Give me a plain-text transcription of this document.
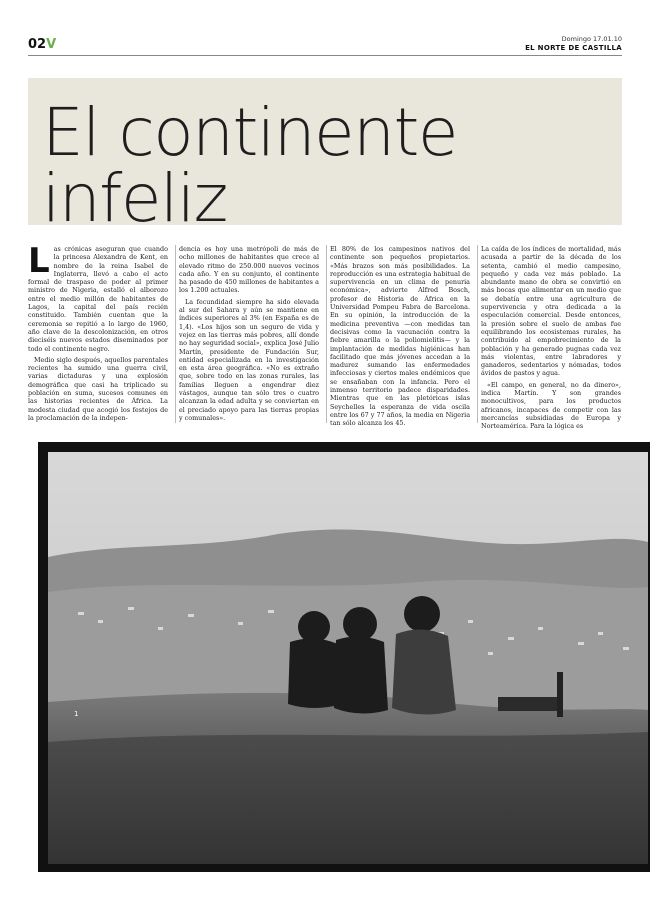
02V	Domingo 17.01.10
EL NORTE DE CASTILLA
El continente infeliz
L as crónicas aseguran que cuando la princesa Alexandra de Kent, en nombre de la reina Isabel de Inglaterra, llevó a cabo el acto formal de traspaso de poder al primer ministro de Nigeria, estalló el alborozo entre el medio millón de habitantes de Lagos, la capital del país recién constituido. También cuentan que la ceremonia se repitió a lo largo de 1960, año clave de la descolonización, en otros dieciséis nuevos estados diseminados por todo el continente negro.

Medio siglo después, aquellos parentales recientes ha sumido una guerra civil, varias dictaduras y una explosión demográfica que casi ha triplicado su población en suma, sucesos comunes en las historias recientes de África. La modesta ciudad que acogió los festejos de la proclamación de la indepen-

dencia es hoy una metrópoli de más de ocho millones de habitantes que crece al elevado ritmo de 250.000 nuevos vecinos cada año. Y en su conjunto, el continente ha pasado de 450 millones de habitantes a los 1.200 actuales.

La fecundidad siempre ha sido elevada al sur del Sahara y aún se mantiene en índices superiores al 3% (en España es de 1,4). «Los hijos son un seguro de vida y vejez en las tierras más pobres, allí donde no hay seguridad social», explica José Julio Martín, presidente de Fundación Sur, entidad especializada en la investigación en esta área geográfica. «No es extraño que, sobre todo en las zonas rurales, las familias lleguen a engendrar diez vástagos, aunque tan sólo tres o cuatro alcanzan la edad adulta y se conviertan en el preciado apoyo para las tierras propias y comunales».

El 80% de los campesinos nativos del continente son pequeños propietarios. «Más brazos son más posibilidades. La reproducción es una estrategia habitual de supervivencia en un clima de penuria económica», advierte Alfred Bosch, profesor de Historia de África en la Universidad Pompeu Fabra de Barcelona. En su opinión, la introducción de la medicina preventiva —con medidas tan decisivas como la vacunación contra la fiebre amarilla o la poliomielitis— y la implantación de medidas higiénicas han facilitado que más jóvenes accedan a la madurez sumando las enfermedades infecciosas y ciertos males endémicos que se ensañaban con la infancia. Pero el inmenso territorio padece disparidades. Mientras que en las pletóricas islas Seychelles la esperanza de vida oscila entre los 67 y 77 años, la media en Nigeria tan sólo alcanza los 45.

La caída de los índices de mortalidad, más acusada a partir de la década de los setenta, cambió el medio campesino, pequeño y cada vez más poblado. La abundante mano de obra se convirtió en más bocas que alimentar en un medio que se debatía entre una agricultura de supervivencia y otra dedicada a la especulación comercial. Desde entonces, la presión sobre el suelo de ambas fue equilibrando los ecosistemas rurales, ha contribuido al empobrecimiento de la población y ha generado pugnas cada vez más violentas, entre labradores y ganaderos, sedentarios y nómadas, todos ávidos de pastos y agua.

«El campo, en general, no da dinero», indica Martín. Y son grandes monocultivos, para los productos africanos, incapaces de competir con las mercancías subsidiadas de Europa y Norteamérica. Para la lógica es

1
